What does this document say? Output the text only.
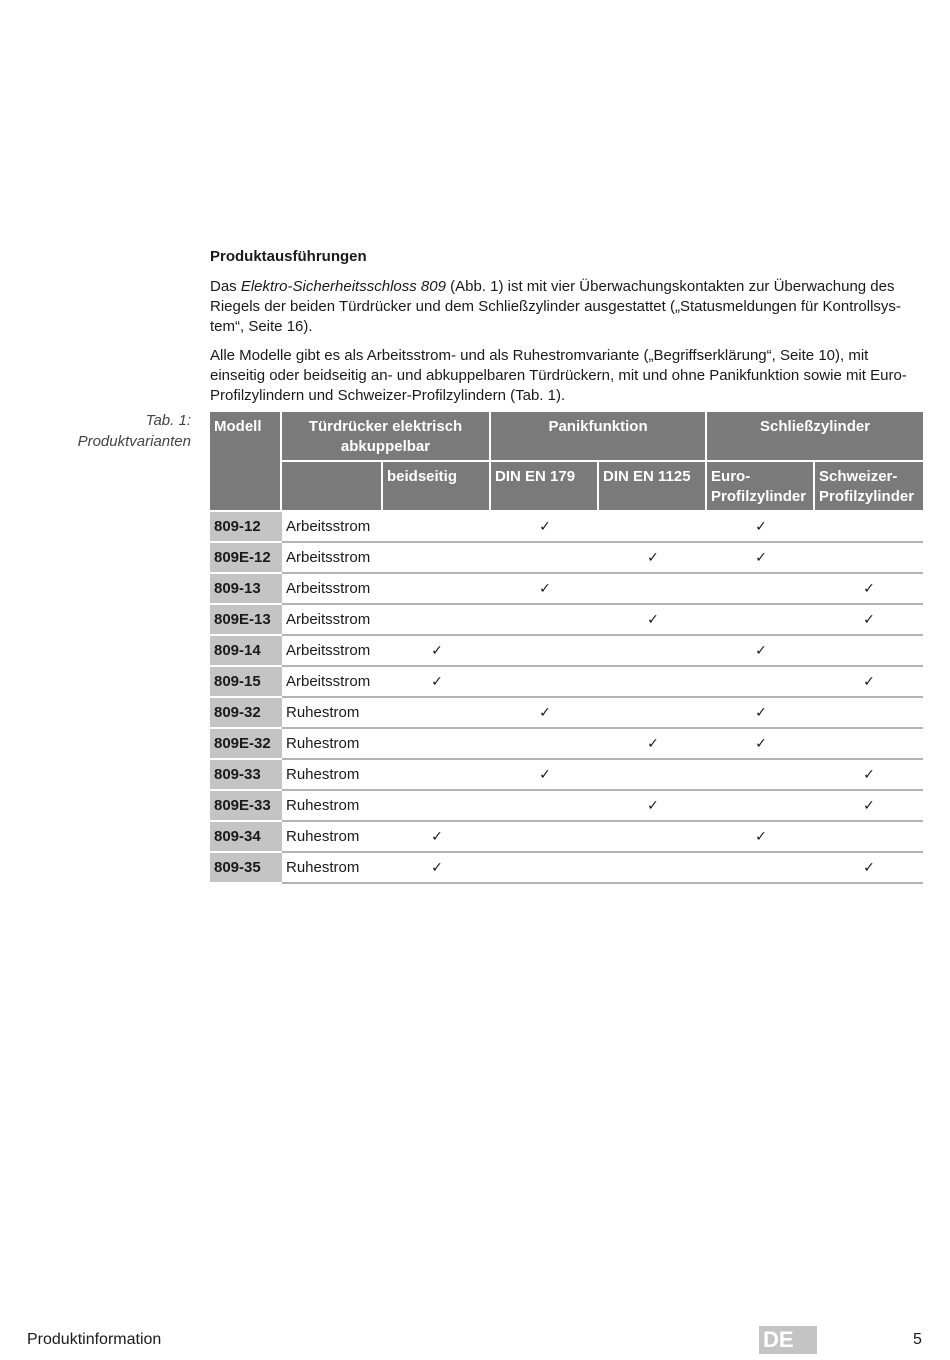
Produktausführungen
Das Elektro-Sicherheitsschloss 809 (Abb. 1) ist mit vier Überwachungskontakten zur Überwachung des Riegels der beiden Türdrücker und dem Schließzylinder ausgestattet („Statusmeldungen für Kontrollsys-tem“, Seite 16).
Alle Modelle gibt es als Arbeitsstrom- und als Ruhestromvariante („Begriffserklärung“, Seite 10), mit einseitig oder beidseitig an- und abkuppelbaren Türdrückern, mit und ohne Panikfunktion sowie mit Euro-Profilzylindern und Schweizer-Profilzylindern (Tab. 1).
Tab. 1:
Produktvarianten
Modell	Türdrücker elektrisch abkuppelbar		Panikfunktion		Schließzylinder	
		beidseitig	DIN EN 179	DIN EN 1125	Euro-Profilzylinder	Schweizer-Profilzylinder
809-12	Arbeitsstrom		✓		✓	
809E-12	Arbeitsstrom			✓	✓	
809-13	Arbeitsstrom		✓			✓
809E-13	Arbeitsstrom			✓		✓
809-14	Arbeitsstrom	✓			✓	
809-15	Arbeitsstrom	✓				✓
809-32	Ruhestrom		✓		✓	
809E-32	Ruhestrom			✓	✓	
809-33	Ruhestrom		✓			✓
809E-33	Ruhestrom			✓		✓
809-34	Ruhestrom	✓			✓	
809-35	Ruhestrom	✓				✓
Produktinformation	DE	5
